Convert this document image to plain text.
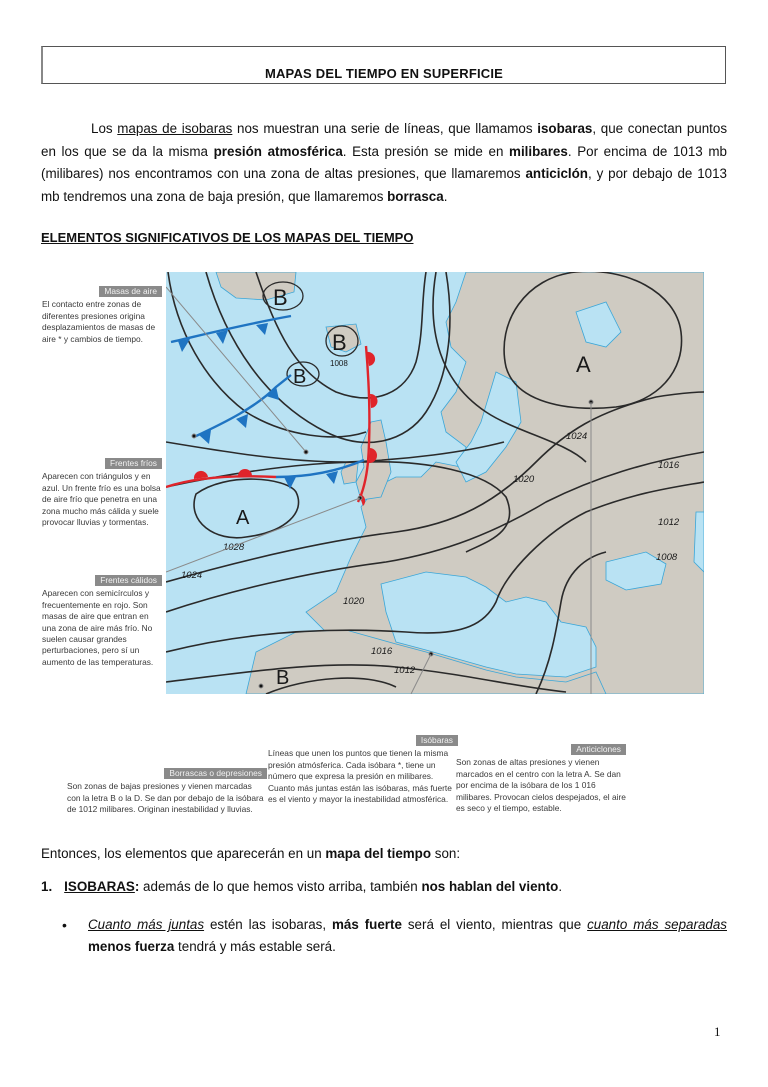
MAPAS DEL TIEMPO EN SUPERFICIE
Los mapas de isobaras nos muestran una serie de líneas, que llamamos isobaras, que conectan puntos en los que se da la misma presión atmosférica. Esta presión se mide en milibares. Por encima de 1013 mb (milibares) nos encontramos con una zona de altas presiones, que llamaremos anticiclón, y por debajo de 1013 mb tendremos una zona de baja presión, que llamaremos borrasca.
ELEMENTOS SIGNIFICATIVOS DE LOS MAPAS DEL TIEMPO
B
B
B
1008
B
A
A
1028
1024
1024
1020
1020
1016
1016
1012
1012
1008
Masas de aire
El contacto entre zonas de diferentes presiones origina desplazamientos de masas de aire * y cambios de tiempo.
Frentes fríos
Aparecen con triángulos y en azul. Un frente frío es una bolsa de aire frío que penetra en una zona mucho más cálida y suele provocar lluvias y tormentas.
Frentes cálidos
Aparecen con semicírculos y frecuentemente en rojo. Son masas de aire que entran en una zona de aire más frío. No suelen causar grandes perturbaciones, pero sí un aumento de las temperaturas.
Borrascas o depresiones
Son zonas de bajas presiones y vienen marcadas con la letra B o la D. Se dan por debajo de la isóbara de 1012 milibares. Originan inestabilidad y lluvias.
Isóbaras
Líneas que unen los puntos que tienen la misma presión atmósferica. Cada isóbara *, tiene un número que expresa la presión en milibares. Cuanto más juntas están las isóbaras, más fuerte es el viento y mayor la inestabilidad atmosférica.
Anticiclones
Son zonas de altas presiones y vienen marcados en el centro con la letra A. Se dan por encima de la isóbara de los 1 016 milibares. Provocan cielos despejados, el aire es seco y el tiempo, estable.
Entonces, los elementos que aparecerán en un mapa del tiempo son:
1. ISOBARAS: además de lo que hemos visto arriba, también nos hablan del viento.
• Cuanto más juntas estén las isobaras, más fuerte será el viento, mientras que cuanto más separadas menos fuerza tendrá y más estable será.
1
